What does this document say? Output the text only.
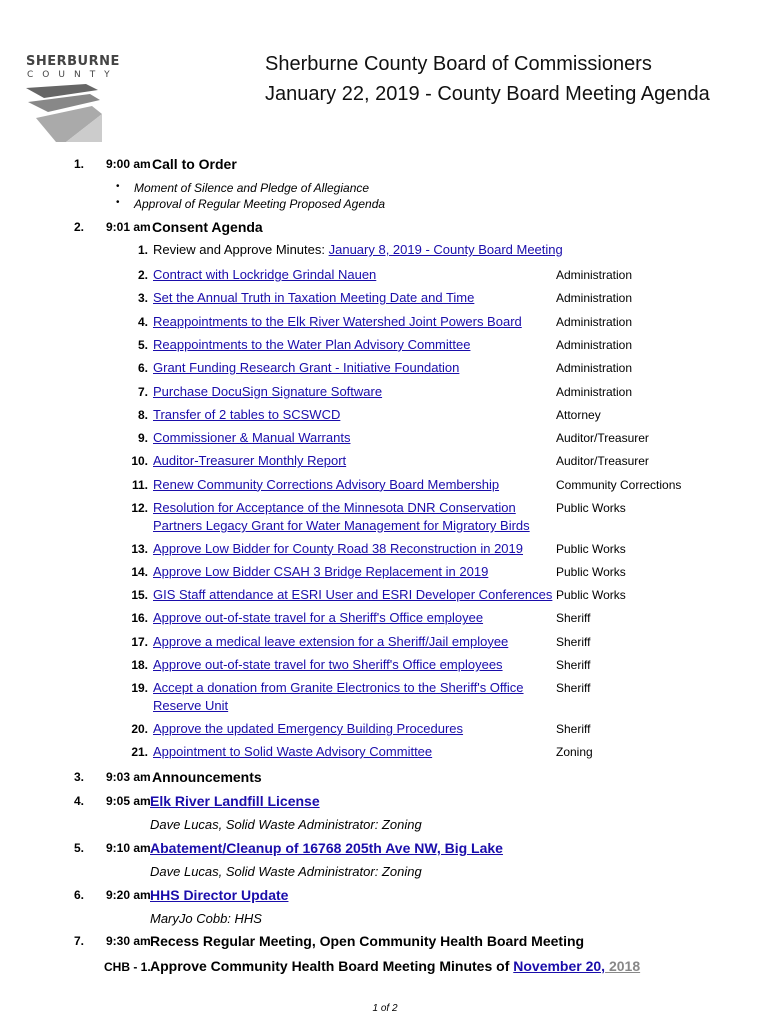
SHERBURNE
COUNTY	Sherburne County Board of Commissioners
January 22, 2019 - County Board Meeting Agenda
1. 9:00 am Call to Order
• Moment of Silence and Pledge of Allegiance
• Approval of Regular Meeting Proposed Agenda
2. 9:01 am Consent Agenda
1. Review and Approve Minutes: January 8, 2019 - County Board Meeting
2. Contract with Lockridge Grindal Nauen	Administration
3. Set the Annual Truth in Taxation Meeting Date and Time	Administration
4. Reappointments to the Elk River Watershed Joint Powers Board	Administration
5. Reappointments to the Water Plan Advisory Committee	Administration
6. Grant Funding Research Grant - Initiative Foundation	Administration
7. Purchase DocuSign Signature Software	Administration
8. Transfer of 2 tables to SCSWCD	Attorney
9. Commissioner & Manual Warrants	Auditor/Treasurer
10. Auditor-Treasurer Monthly Report	Auditor/Treasurer
11. Renew Community Corrections Advisory Board Membership	Community Corrections
12. Resolution for Acceptance of the Minnesota DNR Conservation	Public Works
Partners Legacy Grant for Water Management for Migratory Birds
13. Approve Low Bidder for County Road 38 Reconstruction in 2019	Public Works
14. Approve Low Bidder CSAH 3 Bridge Replacement in 2019	Public Works
15. GIS Staff attendance at ESRI User and ESRI Developer Conferences Public Works
16. Approve out-of-state travel for a Sheriff's Office employee	Sheriff
17. Approve a medical leave extension for a Sheriff/Jail employee	Sheriff
18. Approve out-of-state travel for two Sheriff's Office employees	Sheriff
19. Accept a donation from Granite Electronics to the Sheriff's Office	Sheriff
Reserve Unit
20. Approve the updated Emergency Building Procedures	Sheriff
21. Appointment to Solid Waste Advisory Committee	Zoning
3. 9:03 am Announcements
4. 9:05 am Elk River Landfill License
Dave Lucas, Solid Waste Administrator: Zoning
5. 9:10 am Abatement/Cleanup of 16768 205th Ave NW, Big Lake
Dave Lucas, Solid Waste Administrator: Zoning
6. 9:20 am HHS Director Update
MaryJo Cobb: HHS
7. 9:30 am Recess Regular Meeting, Open Community Health Board Meeting
CHB - 1. Approve Community Health Board Meeting Minutes of November 20, 2018
1 of 2
